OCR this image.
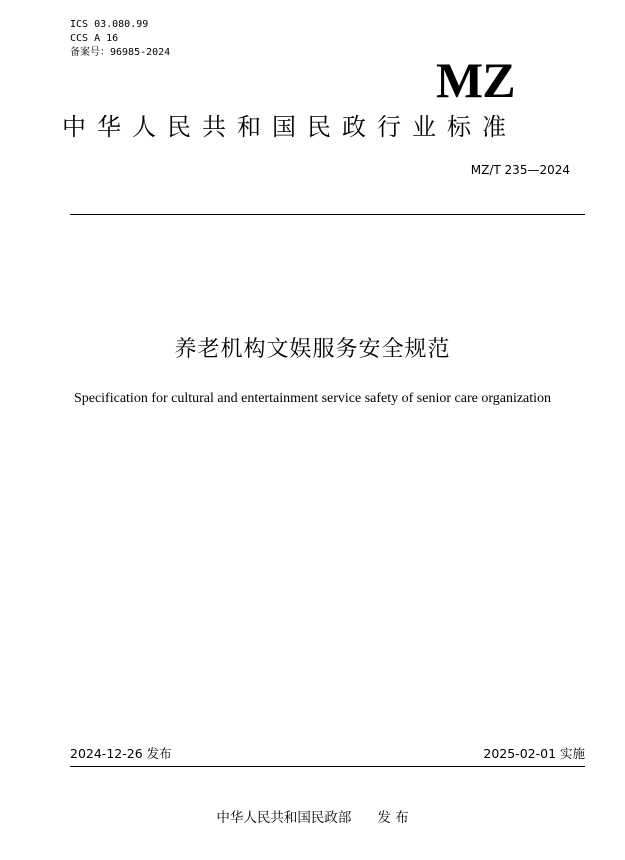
ICS 03.080.99
CCS A 16
备案号：96985-2024	MZ
中华人民共和国民政行业标准
MZ/T 235—2024
养老机构文娱服务安全规范
Specification for cultural and entertainment service safety of senior care organization
2024-12-26 发布	2025-02-01 实施
中华人民共和国民政部 发 布
